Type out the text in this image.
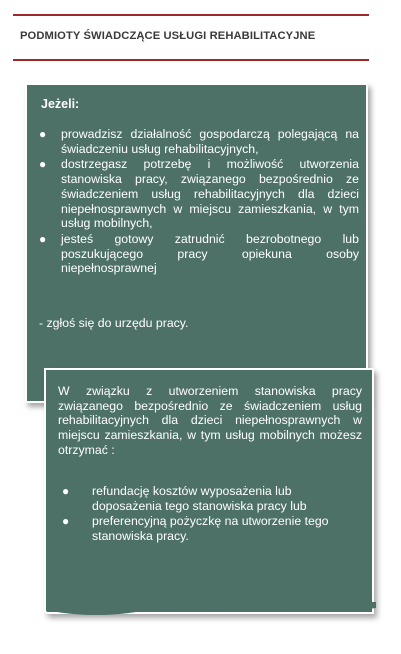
PODMIOTY ŚWIADCZĄCE USŁUGI REHABILITACYJNE
Jeżeli:
● prowadzisz działalność gospodarczą polegającą na świadczeniu usług rehabilitacyjnych,
● dostrzegasz potrzebę i możliwość utworzenia stanowiska pracy, związanego bezpośrednio ze świadczeniem usług rehabilitacyjnych dla dzieci niepełnosprawnych w miejscu zamieszkania, w tym usług mobilnych,
● jesteś gotowy zatrudnić bezrobotnego lub poszukującego pracy opiekuna osoby niepełnosprawnej
- zgłoś się do urzędu pracy.
W związku z utworzeniem stanowiska pracy związanego bezpośrednio ze świadczeniem usług rehabilitacyjnych dla dzieci niepełnosprawnych w miejscu zamieszkania, w tym usług mobilnych możesz otrzymać :
● refundację kosztów wyposażenia lub doposażenia tego stanowiska pracy lub
● preferencyjną pożyczkę na utworzenie tego stanowiska pracy.
